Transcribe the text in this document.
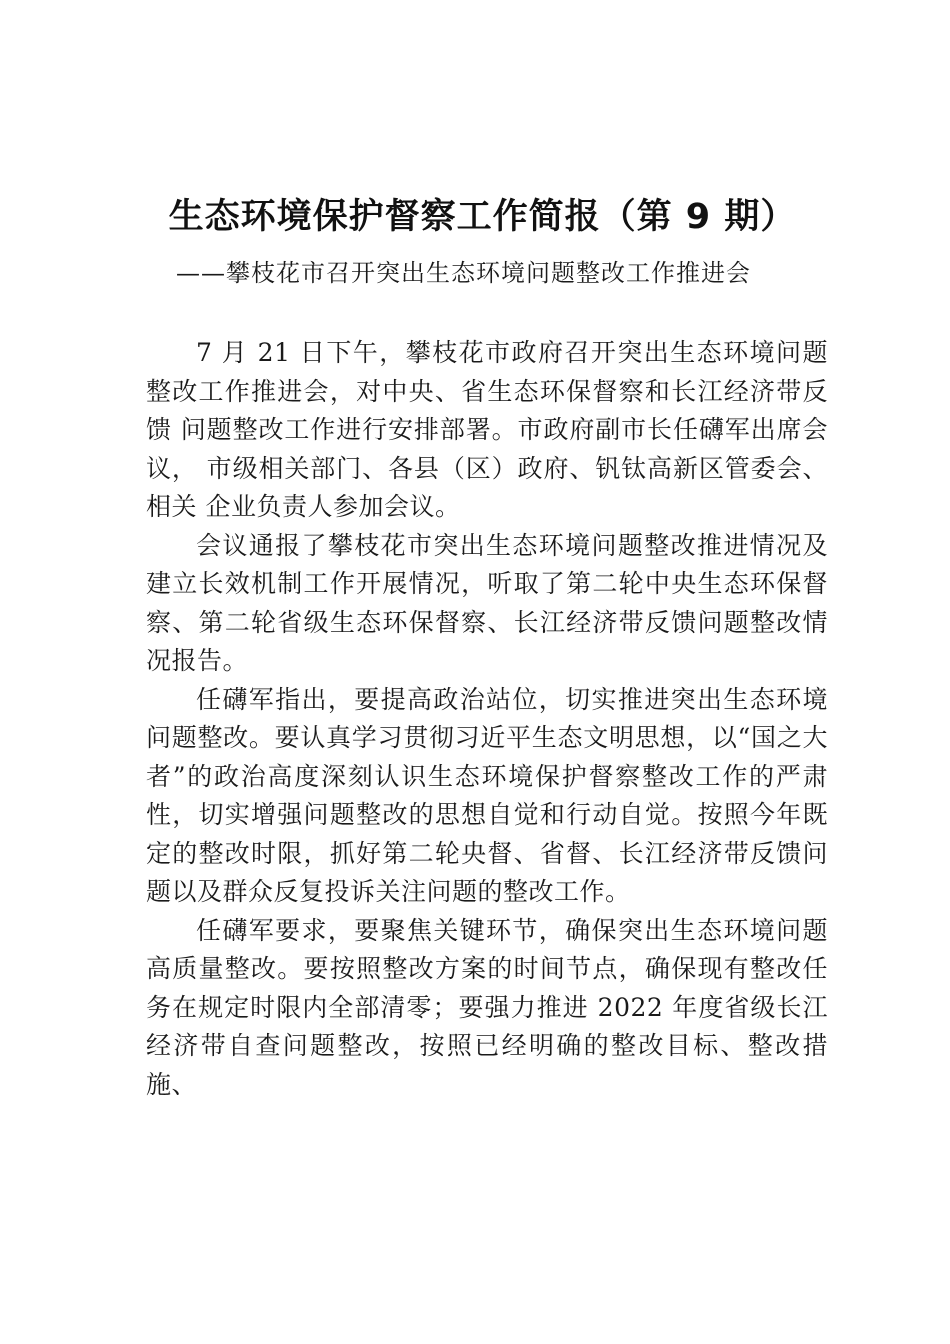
生态环境保护督察工作简报（第 9 期）
——攀枝花市召开突出生态环境问题整改工作推进会

7 月 21 日下午，攀枝花市政府召开突出生态环境问题整改工作推进会，对中央、省生态环保督察和长江经济带反馈 问题整改工作进行安排部署。市政府副市长任礴军出席会议， 市级相关部门、各县（区）政府、钒钛高新区管委会、相关 企业负责人参加会议。

会议通报了攀枝花市突出生态环境问题整改推进情况及建立长效机制工作开展情况，听取了第二轮中央生态环保督察、第二轮省级生态环保督察、长江经济带反馈问题整改情况报告。

任礴军指出，要提高政治站位，切实推进突出生态环境问题整改。要认真学习贯彻习近平生态文明思想，以“国之大者”的政治高度深刻认识生态环境保护督察整改工作的严肃性，切实增强问题整改的思想自觉和行动自觉。按照今年既定的整改时限，抓好第二轮央督、省督、长江经济带反馈问题以及群众反复投诉关注问题的整改工作。

任礴军要求，要聚焦关键环节，确保突出生态环境问题高质量整改。要按照整改方案的时间节点，确保现有整改任务在规定时限内全部清零；要强力推进 2022 年度省级长江经济带自查问题整改，按照已经明确的整改目标、整改措施、
